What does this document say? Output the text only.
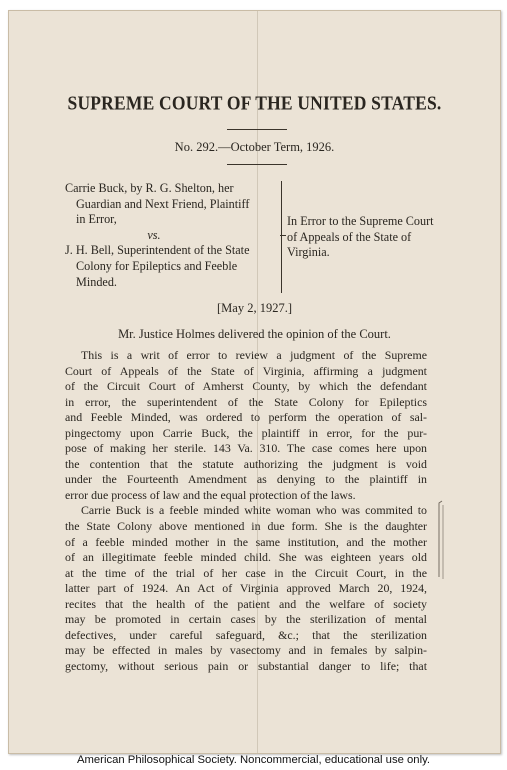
SUPREME COURT OF THE UNITED STATES.
No. 292.—October Term, 1926.
Carrie Buck, by R. G. Shelton, her
Guardian and Next Friend, Plaintiff
in Error,
vs.
J. H. Bell, Superintendent of the State
Colony for Epileptics and Feeble
Minded.
In Error to the Supreme Court of Appeals of the State of Virginia.
[May 2, 1927.]
Mr. Justice Holmes delivered the opinion of the Court.
This is a writ of error to review a judgment of the Supreme
Court of Appeals of the State of Virginia, affirming a judgment
of the Circuit Court of Amherst County, by which the defendant
in error, the superintendent of the State Colony for Epileptics
and Feeble Minded, was ordered to perform the operation of sal-
pingectomy upon Carrie Buck, the plaintiff in error, for the pur-
pose of making her sterile. 143 Va. 310. The case comes here upon
the contention that the statute authorizing the judgment is void
under the Fourteenth Amendment as denying to the plaintiff in
error due process of law and the equal protection of the laws.
Carrie Buck is a feeble minded white woman who was commited to
the State Colony above mentioned in due form. She is the daughter
of a feeble minded mother in the same institution, and the mother
of an illegitimate feeble minded child. She was eighteen years old
at the time of the trial of her case in the Circuit Court, in the
latter part of 1924. An Act of Virginia approved March 20, 1924,
recites that the health of the patient and the welfare of society
may be promoted in certain cases by the sterilization of mental
defectives, under careful safeguard, &c.; that the sterilization
may be effected in males by vasectomy and in females by salpin-
gectomy, without serious pain or substantial danger to life; that
American Philosophical Society. Noncommercial, educational use only.
